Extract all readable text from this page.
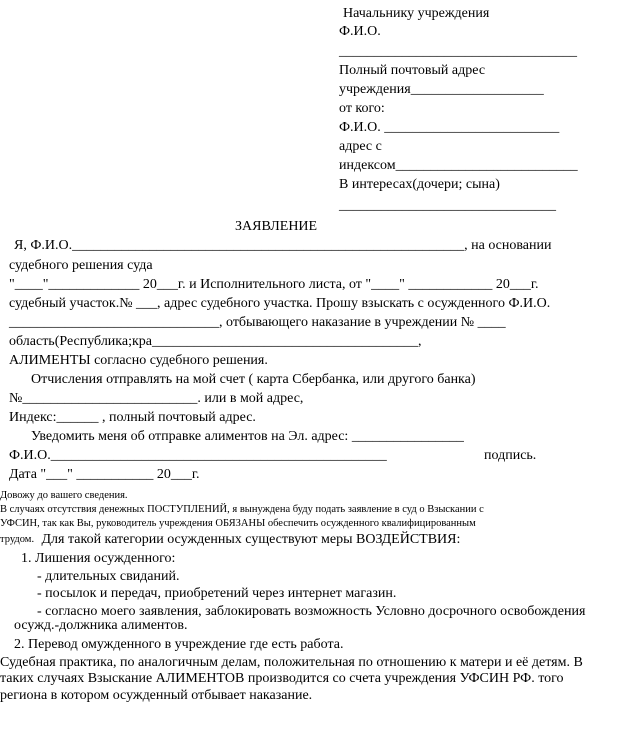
Начальнику учреждения
Ф.И.О.
__________________________________
Полный почтовый адрес
учреждения___________________
от кого:
Ф.И.О. _________________________
адрес с
индексом__________________________
В интересах(дочери; сына)
_______________________________
ЗАЯВЛЕНИЕ
Я, Ф.И.О.________________________________________________________, на основании
судебного решения суда
"____"_____________ 20___г. и Исполнительного листа, от "____" ____________ 20___г.
судебный участок.№ ___, адрес судебного участка. Прошу взыскать с осужденного Ф.И.О.
______________________________, отбывающего наказание в учреждении № ____
область(Республика;кра______________________________________,
АЛИМЕНТЫ согласно судебного решения.
Отчисления отправлять на мой счет ( карта Сбербанка, или другого банка)
№_________________________. или в мой адрес,
Индекс:______ , полный почтовый адрес.
Уведомить меня об отправке алиментов на Эл. адрес: ________________
Ф.И.О.________________________________________________	подпись.
Дата "___" ___________ 20___г.
Довожу до вашего сведения.
В случаях отсутствия денежных ПОСТУПЛЕНИЙ, я вынуждена буду подать заявление в суд о Взыскании с
УФСИН, так как Вы, руководитель учреждения ОБЯЗАНЫ обеспечить осужденного квалифицированным
трудом. Для такой категории осужденных существуют меры ВОЗДЕЙСТВИЯ:
1. Лишения осужденного:
- длительных свиданий.
- посылок и передач, приобретений через интернет магазин.
- согласно моего заявления, заблокировать возможность Условно досрочного освобождения
осужд.-должника алиментов.
2. Перевод омужденного в учреждение где есть работа.
Судебная практика, по аналогичным делам, положительная по отношению к матери и её детям. В
таких случаях Взыскание АЛИМЕНТОВ производится со счета учреждения УФСИН РФ. того
региона в котором осужденный отбывает наказание.
